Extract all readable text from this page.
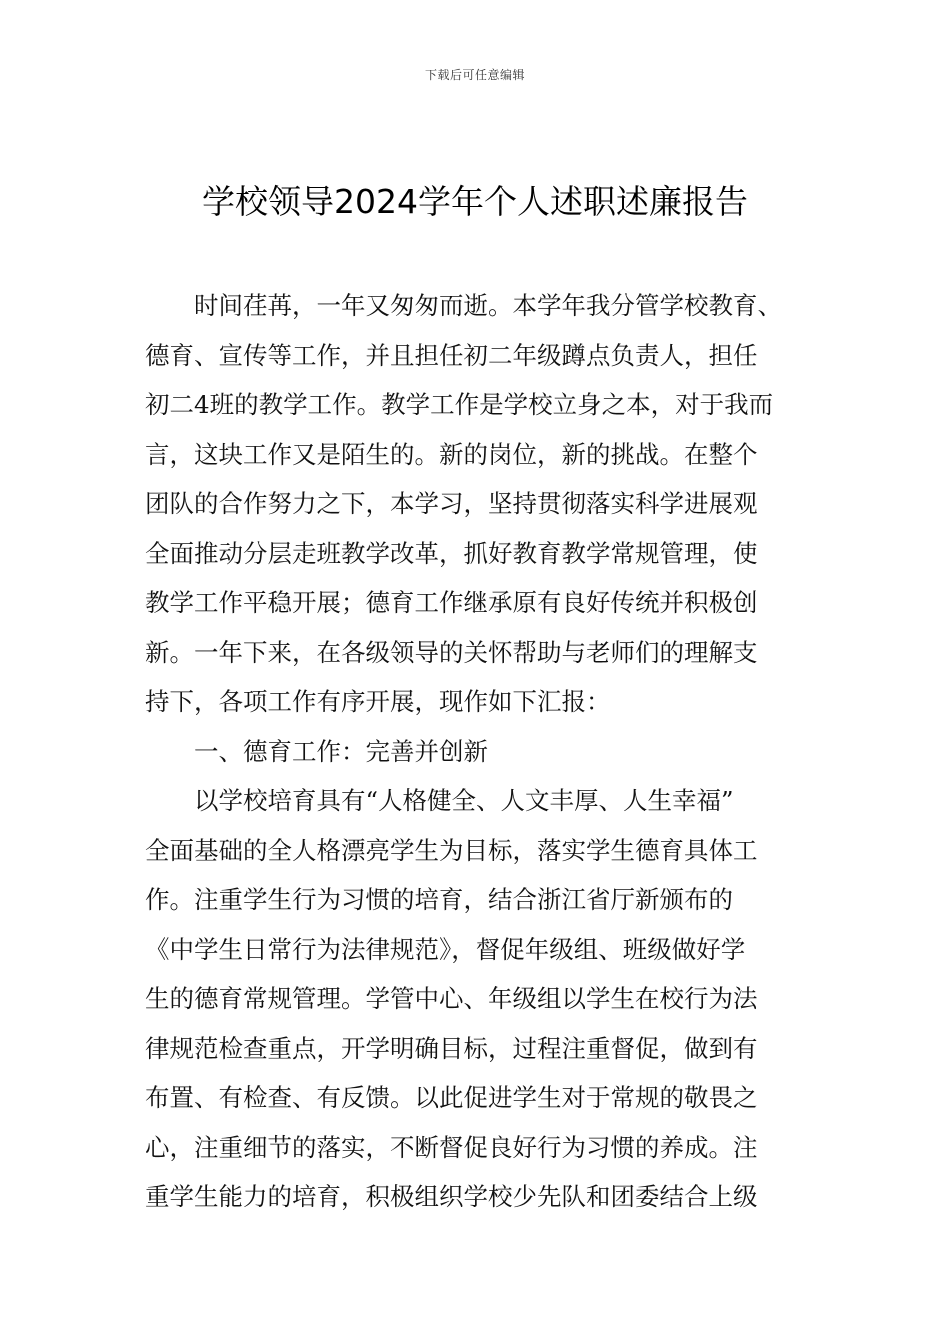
下载后可任意编辑
学校领导2024学年个人述职述廉报告
时间荏苒，一年又匆匆而逝。本学年我分管学校教育、
德育、宣传等工作，并且担任初二年级蹲点负责人，担任
初二4班的教学工作。教学工作是学校立身之本，对于我而
言，这块工作又是陌生的。新的岗位，新的挑战。在整个
团队的合作努力之下，本学习，坚持贯彻落实科学进展观
全面推动分层走班教学改革，抓好教育教学常规管理，使
教学工作平稳开展；德育工作继承原有良好传统并积极创
新。一年下来，在各级领导的关怀帮助与老师们的理解支
持下，各项工作有序开展，现作如下汇报：
一、德育工作：完善并创新
以学校培育具有“人格健全、人文丰厚、人生幸福”
全面基础的全人格漂亮学生为目标，落实学生德育具体工
作。注重学生行为习惯的培育，结合浙江省厅新颁布的
《中学生日常行为法律规范》，督促年级组、班级做好学
生的德育常规管理。学管中心、年级组以学生在校行为法
律规范检查重点，开学明确目标，过程注重督促，做到有
布置、有检查、有反馈。以此促进学生对于常规的敬畏之
心，注重细节的落实，不断督促良好行为习惯的养成。注
重学生能力的培育，积极组织学校少先队和团委结合上级
